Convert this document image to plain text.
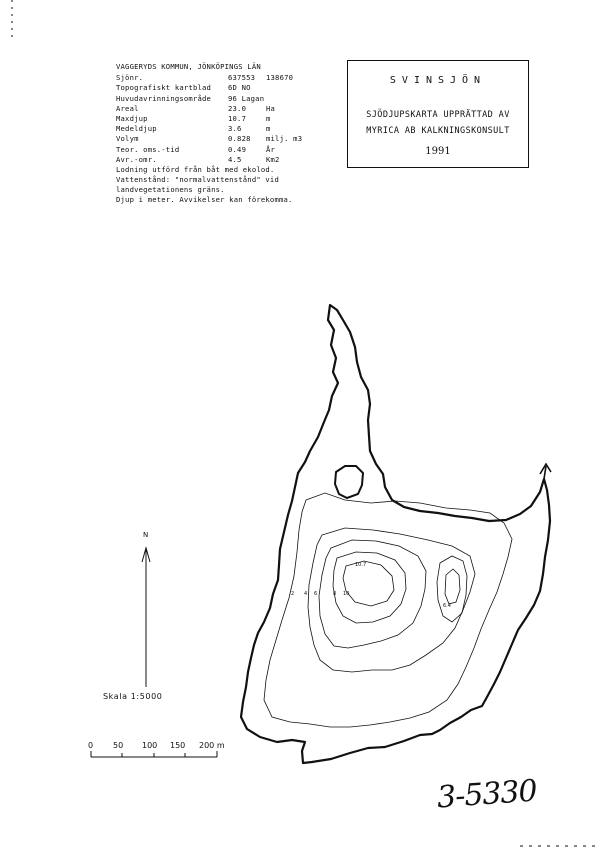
VAGGERYDS KOMMUN, JÖNKÖPINGS LÄN
Sjönr.	637553 138670
Topografiskt kartblad 6D NO
Huvudavrinningsområde 96 Lagan
Areal	23.0	Ha
Maxdjup	10.7	m
Medeldjup	3.6	m
Volym	0.828 milj. m3
Teor. oms.-tid	0.49	År
Avr.-omr.	4.5	Km2
Lodning utförd från båt med ekolod.
Vattenstånd: "normalvattenstånd" vid
landvegetationens gräns.
Djup i meter. Avvikelser kan förekomma.
SVINSJÖN
SJÖDJUPSKARTA UPPRÄTTAD AV
MYRICA AB KALKNINGSKONSULT
1991
10.7
10
8
6
4
2
6.4
N
Skala 1:5000
0 50 100 150 200 m
3-5330
